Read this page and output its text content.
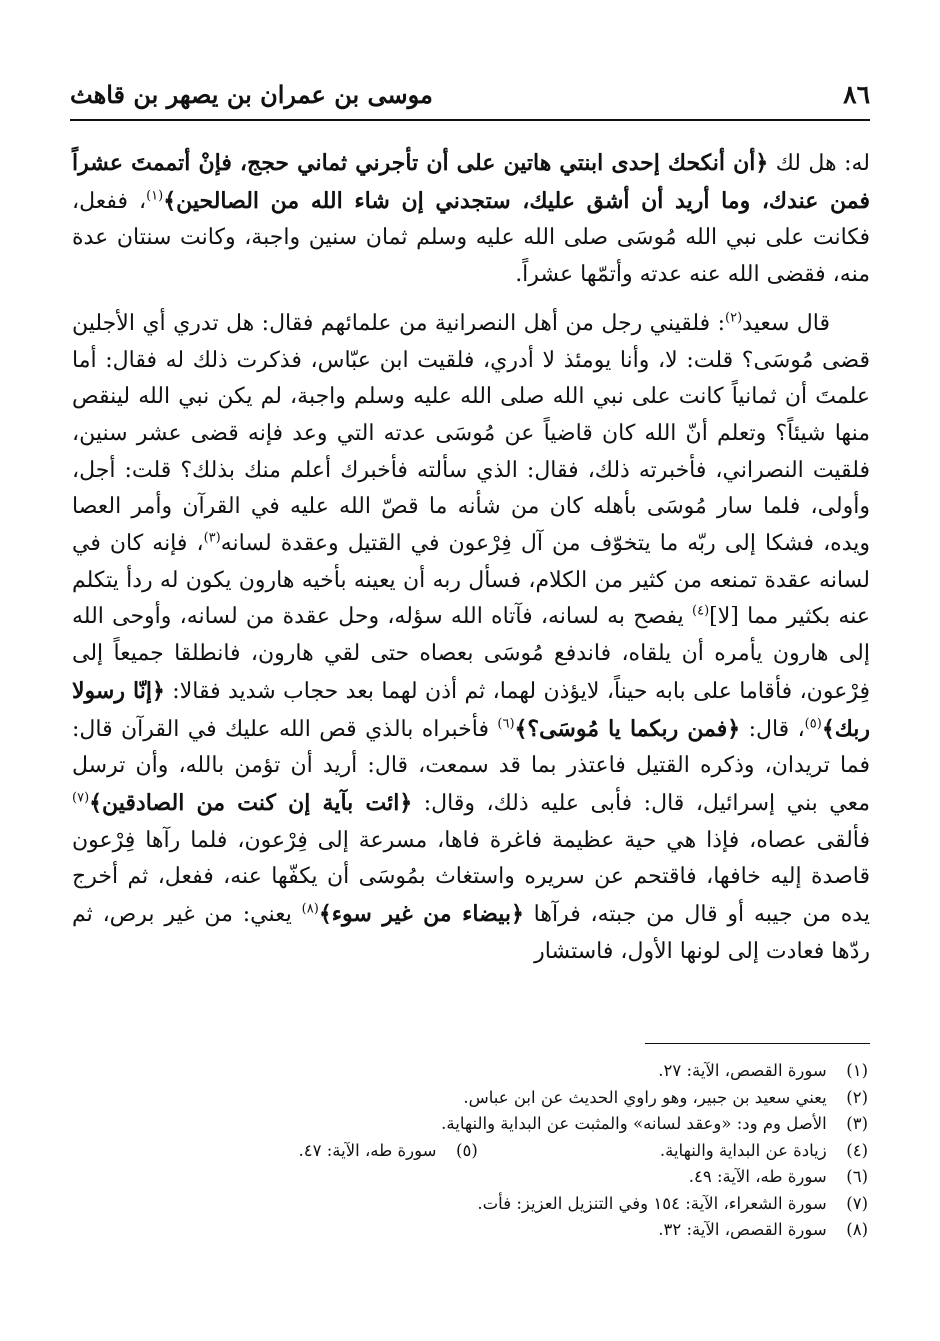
٨٦
موسى بن عمران بن يصهر بن قاهث

له: هل لك ﴿أن أنكحك إحدى ابنتي هاتين على أن تأجرني ثماني حجج، فإنْ أتممتَ عشراً فمن عندك، وما أريد أن أشق عليك، ستجدني إن شاء الله من الصالحين﴾$^{(١)}$، ففعل، فكانت على نبي الله مُوسَى صلى الله عليه وسلم ثمان سنين واجبة، وكانت سنتان عدة منه، فقضى الله عنه عدته وأتمّها عشراً.

قال سعيد$^{(٢)}$: فلقيني رجل من أهل النصرانية من علمائهم فقال: هل تدري أي الأجلين قضى مُوسَى؟ قلت: لا، وأنا يومئذ لا أدري، فلقيت ابن عبّاس، فذكرت ذلك له فقال: أما علمتَ أن ثمانياً كانت على نبي الله صلى الله عليه وسلم واجبة، لم يكن نبي الله لينقص منها شيئاً؟ وتعلم أنّ الله كان قاضياً عن مُوسَى عدته التي وعد فإنه قضى عشر سنين، فلقيت النصراني، فأخبرته ذلك، فقال: الذي سألته فأخبرك أعلم منك بذلك؟ قلت: أجل، وأولى، فلما سار مُوسَى بأهله كان من شأنه ما قصّ الله عليه في القرآن وأمر العصا ويده، فشكا إلى ربّه ما يتخوّف من آل فِرْعون في القتيل وعقدة لسانه$^{(٣)}$، فإنه كان في لسانه عقدة تمنعه من كثير من الكلام، فسأل ربه أن يعينه بأخيه هارون يكون له ردأ يتكلم عنه بكثير مما [لا]$^{(٤)}$ يفصح به لسانه، فآتاه الله سؤله، وحل عقدة من لسانه، وأوحى الله إلى هارون يأمره أن يلقاه، فاندفع مُوسَى بعصاه حتى لقي هارون، فانطلقا جميعاً إلى فِرْعون، فأقاما على بابه حيناً، لايؤذن لهما، ثم أذن لهما بعد حجاب شديد فقالا: ﴿إنّا رسولا ربك﴾$^{(٥)}$، قال: ﴿فمن ربكما يا مُوسَى؟﴾$^{(٦)}$ فأخبراه بالذي قص الله عليك في القرآن قال: فما تريدان، وذكره القتيل فاعتذر بما قد سمعت، قال: أريد أن تؤمن بالله، وأن ترسل معي بني إسرائيل، قال: فأبى عليه ذلك، وقال: ﴿ائت بآية إن كنت من الصادقين﴾$^{(٧)}$ فألقى عصاه، فإذا هي حية عظيمة فاغرة فاها، مسرعة إلى فِرْعون، فلما رآها فِرْعون قاصدة إليه خافها، فاقتحم عن سريره واستغاث بمُوسَى أن يكفّها عنه، ففعل، ثم أخرج يده من جيبه أو قال من جبته، فرآها ﴿بيضاء من غير سوء﴾$^{(٨)}$ يعني: من غير برص، ثم ردّها فعادت إلى لونها الأول، فاستشار

(١) سورة القصص، الآية: ٢٧.
(٢) يعني سعيد بن جبير، وهو راوي الحديث عن ابن عباس.
(٣) الأصل وم ود: «وعقد لسانه» والمثبت عن البداية والنهاية.
(٤) زيادة عن البداية والنهاية. (٥) سورة طه، الآية: ٤٧.
(٦) سورة طه، الآية: ٤٩.
(٧) سورة الشعراء، الآية: ١٥٤ وفي التنزيل العزيز: فأت.
(٨) سورة القصص، الآية: ٣٢.
